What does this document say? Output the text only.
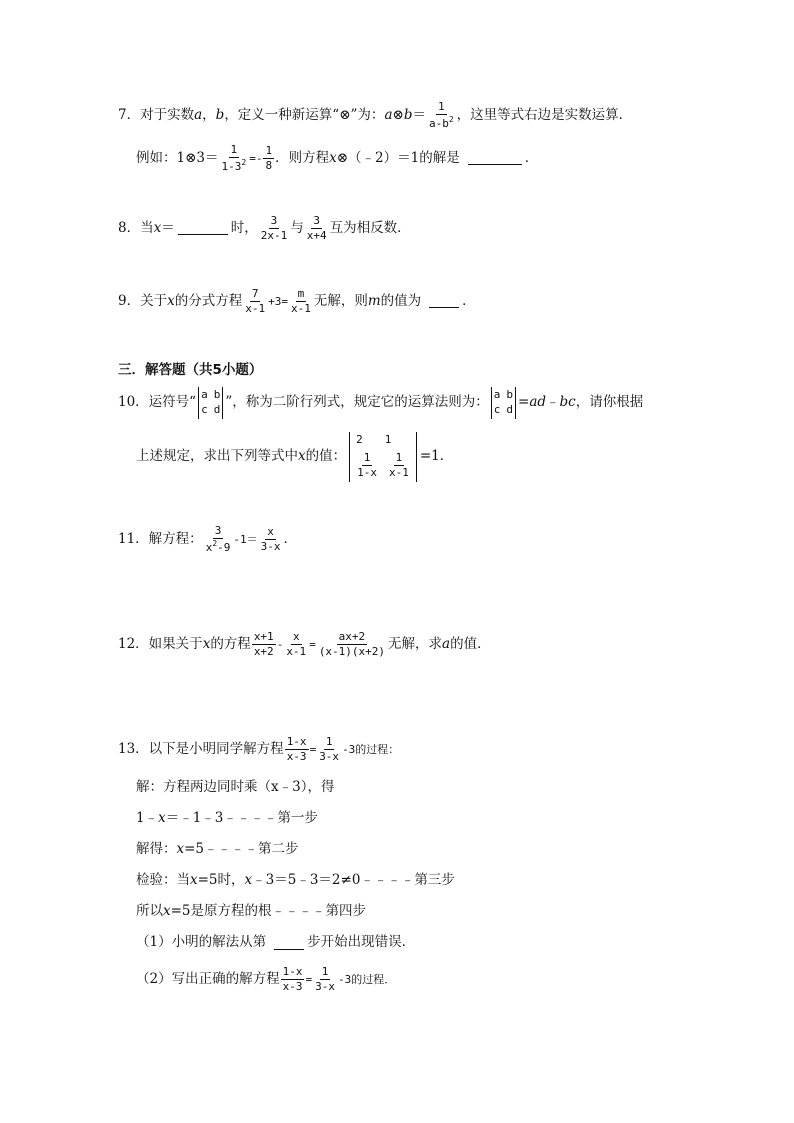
7．对于实数 a ， b ，定义一种新运算“⊗”为： a ⊗ $b = \frac{1}{a-b^2}$ ，这里等式右边是实数运算．
例如：1⊗3＝ $\frac{1}{1-3^2} =- \frac{1}{8}$ ．则方程 x ⊗（﹣2）＝1的解是	．
8．当 x ＝	时， $\frac{3}{2x-1}$ 与 $\frac{3}{x+4}$ 互为相反数．
9．关于 x 的分式方程 $\frac{7}{x-1} +3= \frac{m}{x-1}$ 无解，则 m 的值为	．
三．解答题（共5小题）
10．运符号“ a b
c d ”，称为二阶行列式，规定它的运算法则为： a b
c d = ad ﹣ bc ，请你根据
上述规定，求出下列等式中 x 的值：
2 1
$\frac{1}{1-x} \frac{1}{x-1} =1$．
11．解方程： $\frac{3}{x^2-9} -1= \frac{x}{3-x}$ ．
12．如果关于 x 的方程 $\frac{x+1}{x+2} - \frac{x}{x-1} = \frac{ax+2}{(x-1)(x+2)}$ 无解，求 a 的值．
13．以下是小明同学解方程 $\frac{1-x}{x-3} = \frac{1}{3-x} -3$的过程：
解：方程两边同时乘（x﹣3），得
1﹣ x ＝﹣1﹣3﹣﹣﹣﹣第一步
解得： x =5﹣﹣﹣﹣第二步
检验：当 x =5时， x ﹣3＝5﹣3＝2≠0﹣﹣﹣﹣第三步
所以 x =5是原方程的根﹣﹣﹣﹣第四步
（1）小明的解法从第	步开始出现错误．
（2）写出正确的解方程 $\frac{1-x}{x-3} = \frac{1}{3-x} -3$的过程．
